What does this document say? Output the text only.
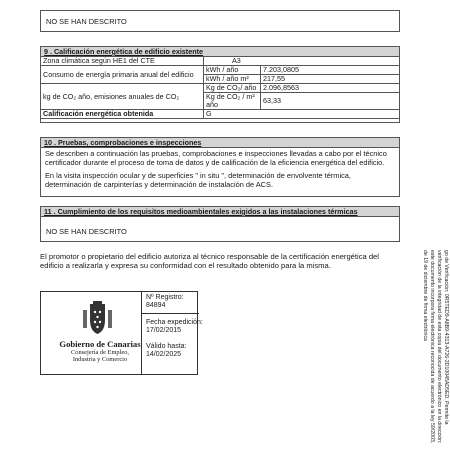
NO SE HAN DESCRITO
9 . Calificación energética de edificio existente
Zona climática según HE1 del CTE	A3	
Consumo de energía primaria anual del edificio	kWh / año	7.203,0805
	kWh / año m²	217,55
kg de CO₂ año, emisiones anuales de CO₂	Kg de CO₂/ año	2.096,8563
	Kg de CO₂ / m² año	63,33
Calificación energética obtenida	G	
10 . Pruebas, comprobaciones e inspecciones
Se describen a continuación las pruebas, comprobaciones e inspecciones llevadas a cabo por el técnico certificador durante el proceso de toma de datos y de calificación de la eficiencia energética del edificio.
En la visita inspección ocular y de superficies " in situ ", determinación de envolvente térmica, determinación de carpinterías y determinación de instalación de ACS.
11 . Cumplimiento de los requisitos medioambientales exigidos a las instalaciones térmicas
NO SE HAN DESCRITO
El promotor o propietario del edificio autoriza al técnico responsable de la certificación energética del edificio a realizarla y expresa su conformidad con el resultado obtenido para la misma.
Gobierno de Canarias
Consejería de Empleo,
Industria y Comercio
Nº Registro:
84894
Fecha expedición:
17/02/2015
Válido hasta:
14/02/2025	go de Verificación: 0R5TED9-A8B9-4313-A726-2D10045AD5ED. Permite la verificación de la integridad de esta copia del documento electrónico en la dirección:
este documento incorpora firma electrónica reconocida de acuerdo a la ley 59/2003, de 19 de diciembre de firma electrónica
